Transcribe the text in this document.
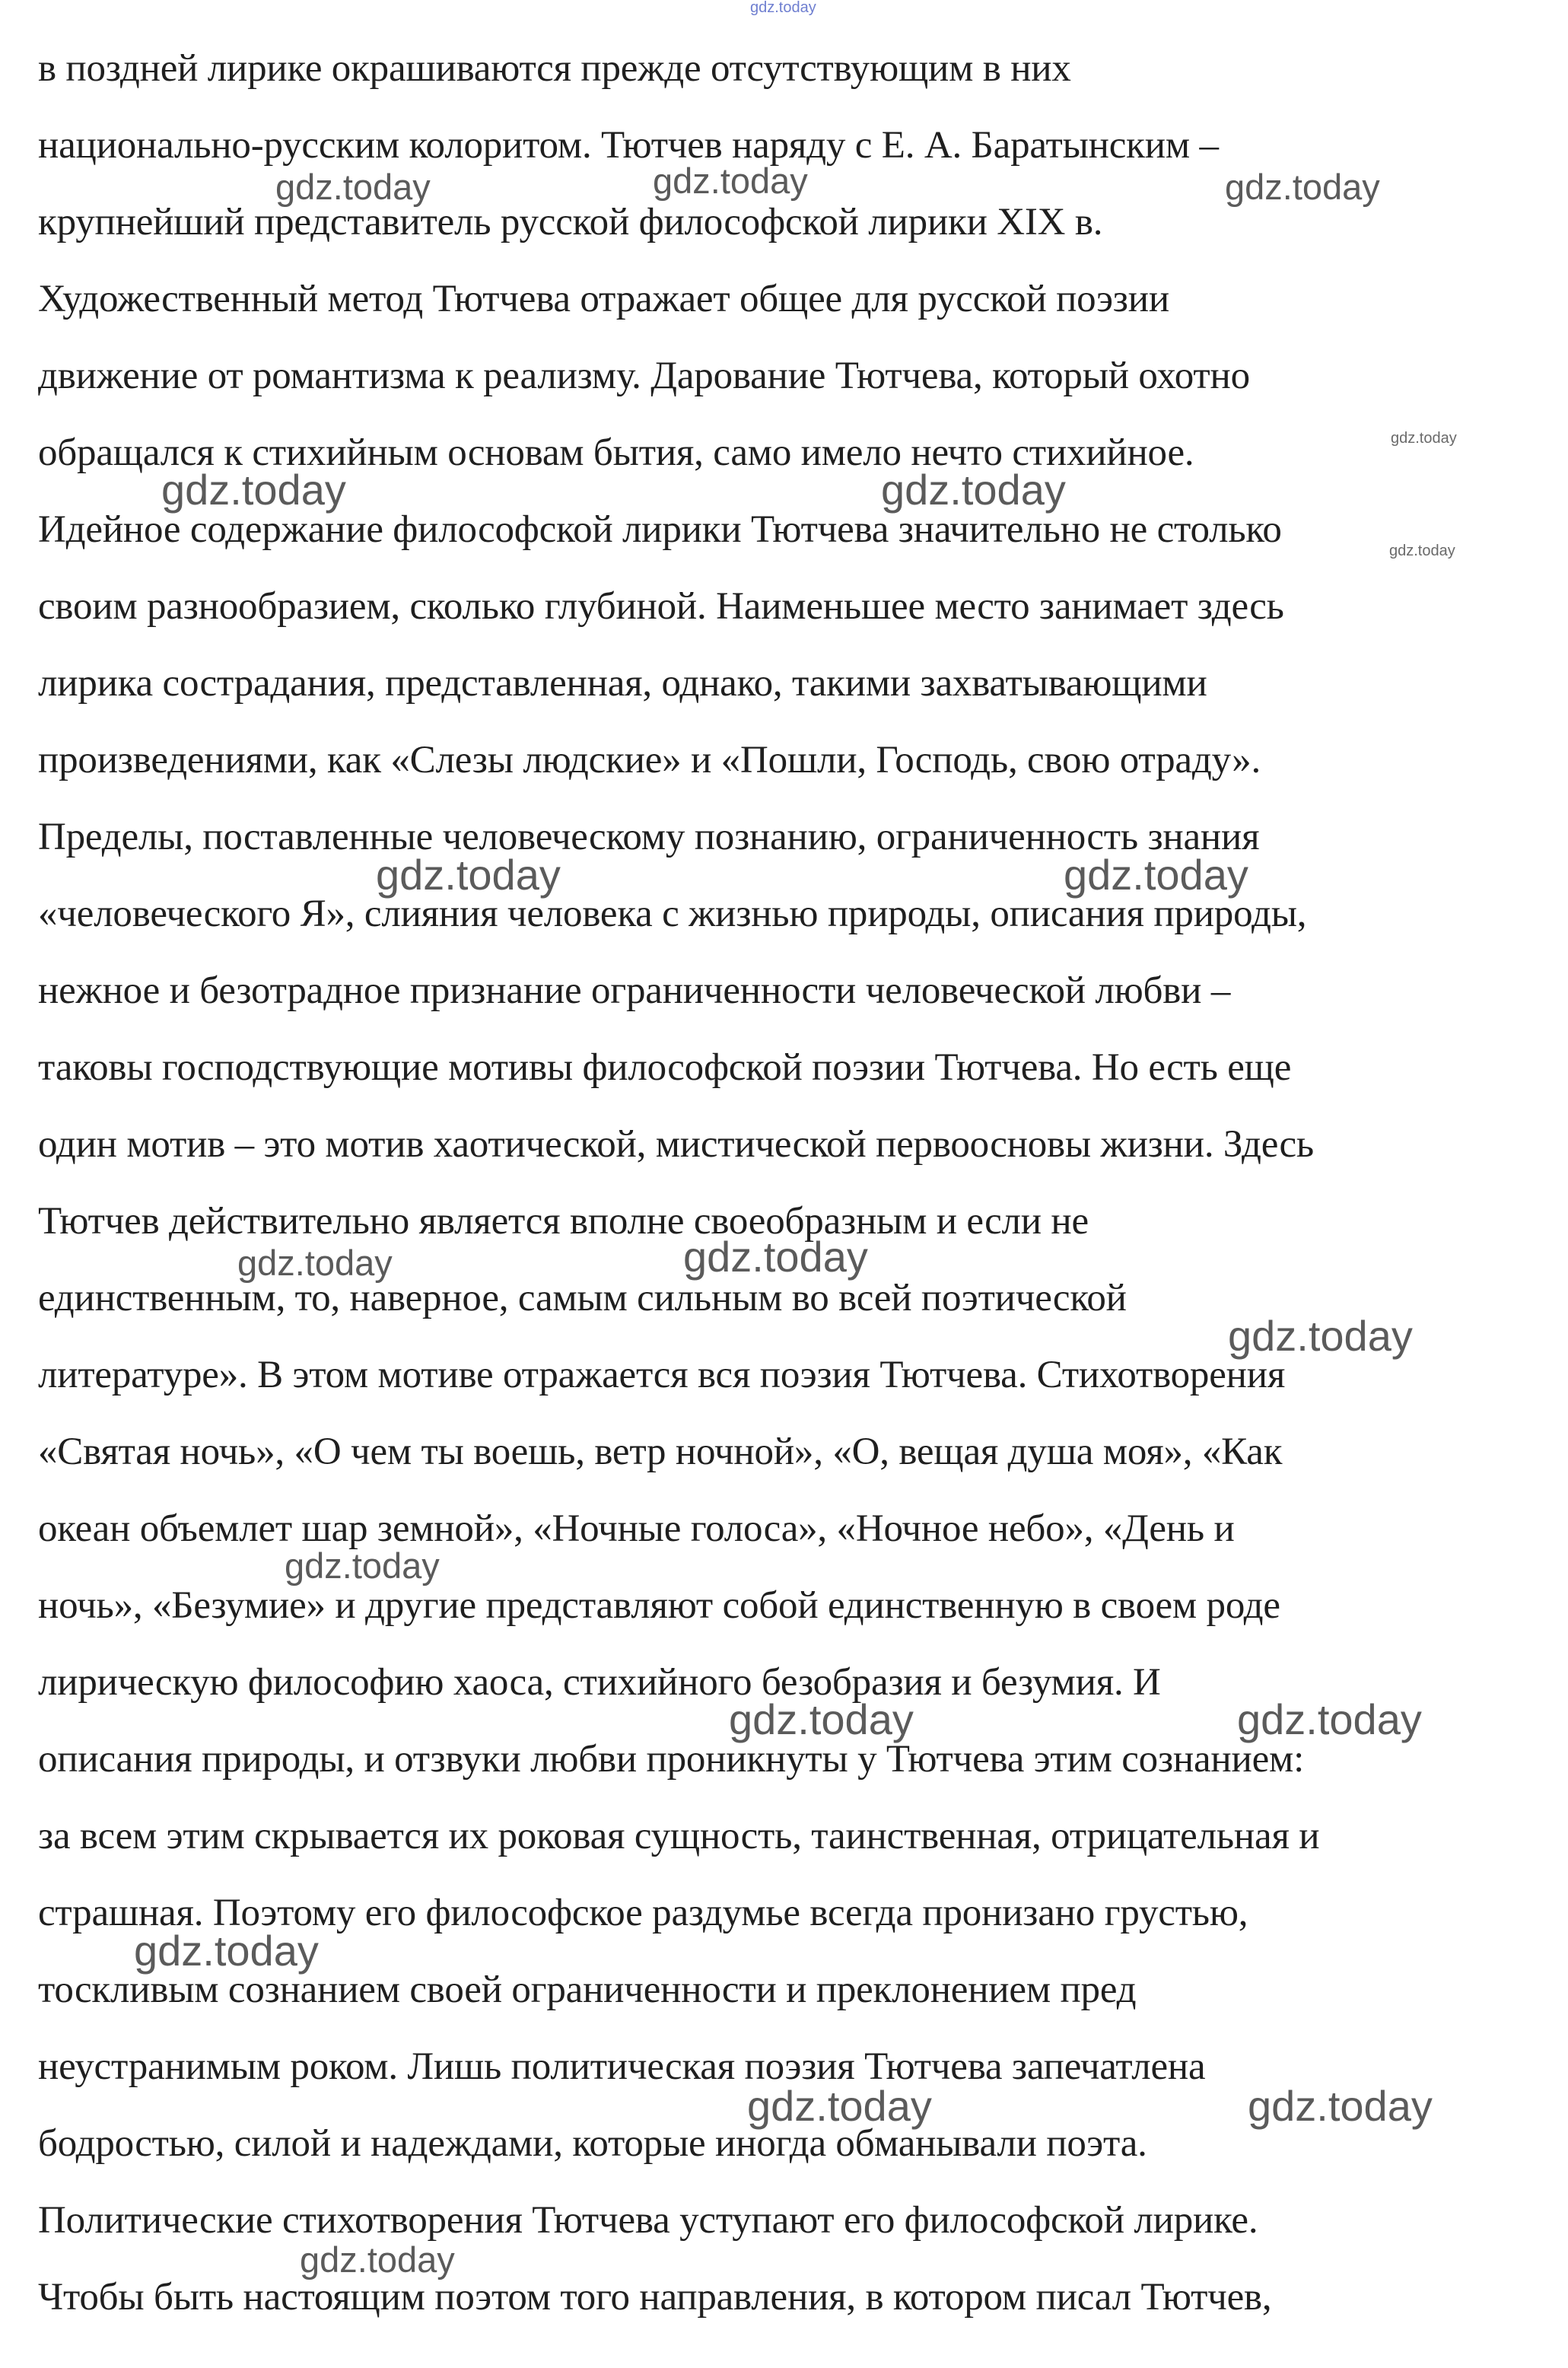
в поздней лирике окрашиваются прежде отсутствующим в них
национально-русским колоритом. Тютчев наряду с Е. А. Баратынским –
крупнейший представитель русской философской лирики XIX в.
Художественный метод Тютчева отражает общее для русской поэзии
движение от романтизма к реализму. Дарование Тютчева, который охотно
обращался к стихийным основам бытия, само имело нечто стихийное.
Идейное содержание философской лирики Тютчева значительно не столько
своим разнообразием, сколько глубиной. Наименьшее место занимает здесь
лирика сострадания, представленная, однако, такими захватывающими
произведениями, как «Слезы людские» и «Пошли, Господь, свою отраду».
Пределы, поставленные человеческому познанию, ограниченность знания
«человеческого Я», слияния человека с жизнью природы, описания природы,
нежное и безотрадное признание ограниченности человеческой любви –
таковы господствующие мотивы философской поэзии Тютчева. Но есть еще
один мотив – это мотив хаотической, мистической первоосновы жизни. Здесь
Тютчев действительно является вполне своеобразным и если не
единственным, то, наверное, самым сильным во всей поэтической
литературе». В этом мотиве отражается вся поэзия Тютчева. Стихотворения
«Святая ночь», «О чем ты воешь, ветр ночной», «О, вещая душа моя», «Как
океан объемлет шар земной», «Ночные голоса», «Ночное небо», «День и
ночь», «Безумие» и другие представляют собой единственную в своем роде
лирическую философию хаоса, стихийного безобразия и безумия. И
описания природы, и отзвуки любви проникнуты у Тютчева этим сознанием:
за всем этим скрывается их роковая сущность, таинственная, отрицательная и
страшная. Поэтому его философское раздумье всегда пронизано грустью,
тоскливым сознанием своей ограниченности и преклонением пред
неустранимым роком. Лишь политическая поэзия Тютчева запечатлена
бодростью, силой и надеждами, которые иногда обманывали поэта.
Политические стихотворения Тютчева уступают его философской лирике.
Чтобы быть настоящим поэтом того направления, в котором писал Тютчев,
gdz.today
gdz.today	gdz.today	gdz.today
gdz.today
gdz.today	gdz.today
gdz.today
gdz.today	gdz.today
gdz.today	gdz.today
gdz.today
gdz.today
gdz.today	gdz.today
gdz.today
gdz.today	gdz.today
gdz.today
